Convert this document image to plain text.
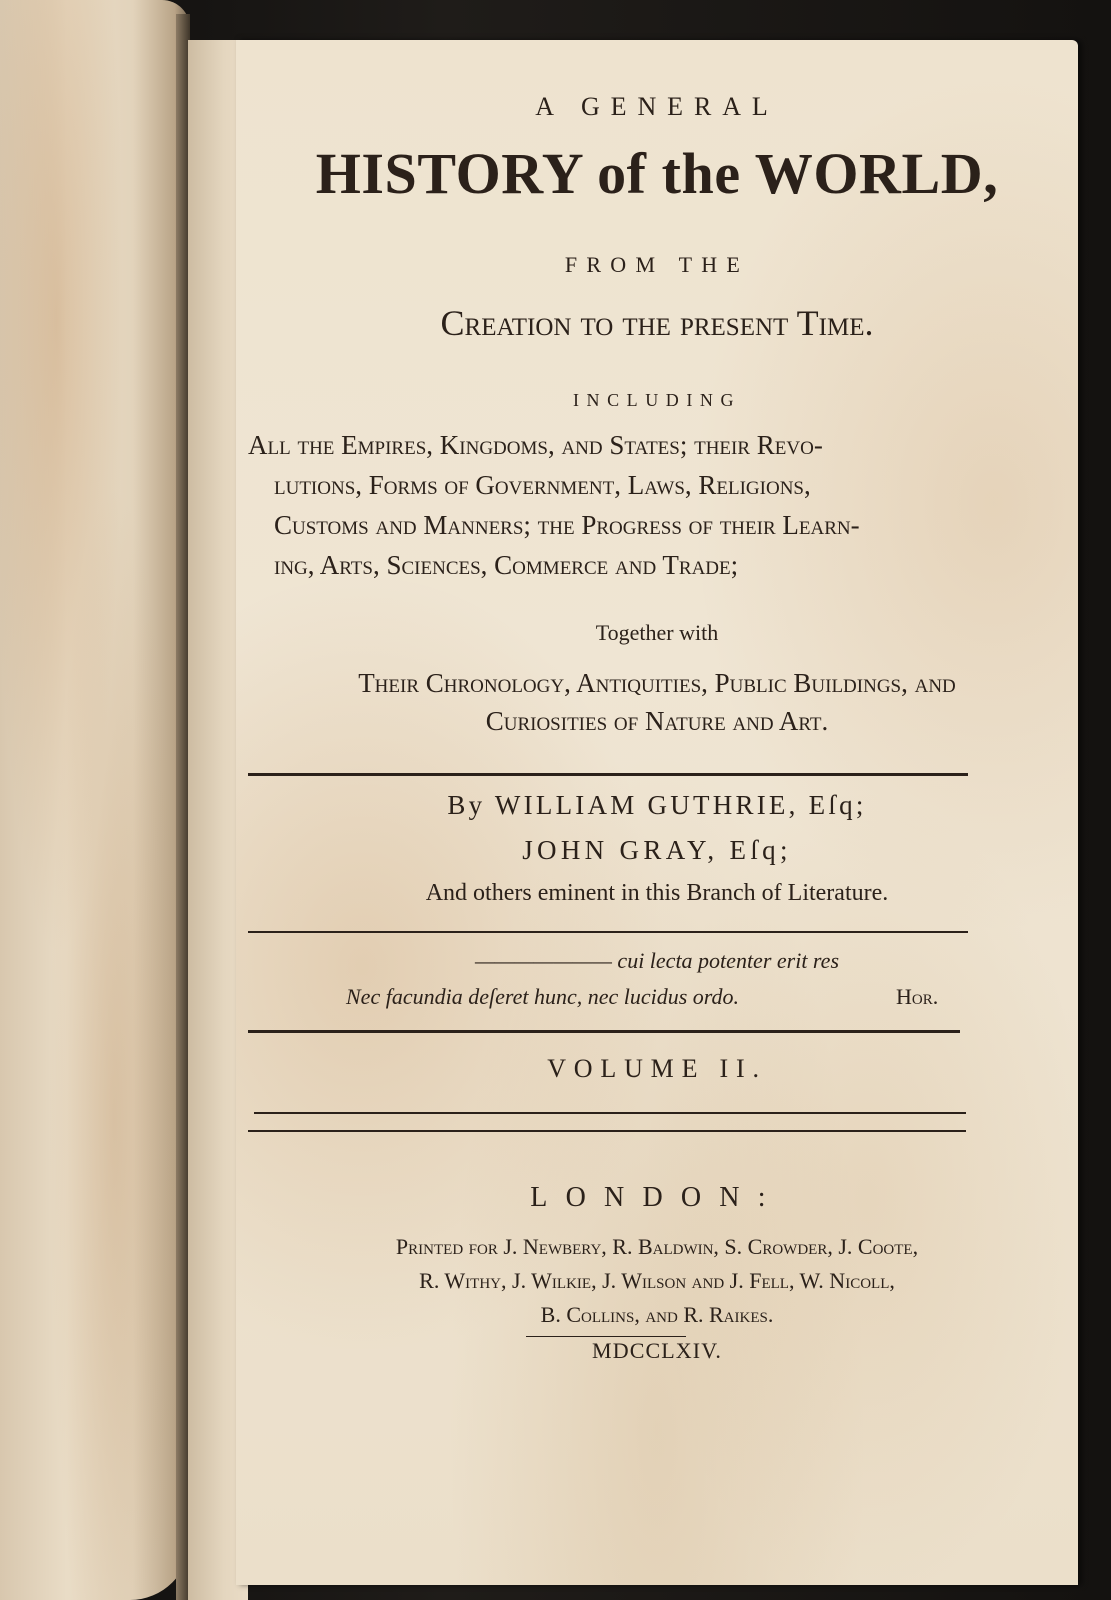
A GENERAL
HISTORY of the WORLD,
FROM THE
Creation to the preſent Time.
INCLUDING
All the Empires, Kingdoms, and States; their Revo-
lutions, Forms of Government, Laws, Religions,
Customs and Manners; the Progress of their Learn-
ing, Arts, Sciences, Commerce and Trade;
Together with
Their Chronology, Antiquities, Public Buildings, and
Curiosities of Nature and Art.
By WILLIAM GUTHRIE, Eſq;
JOHN GRAY, Eſq;
And others eminent in this Branch of Literature.
——————— cui lecta potenter erit res
Nec facundia deſeret hunc, nec lucidus ordo.	Hor.
VOLUME II.
LONDON:
Printed for J. Newbery, R. Baldwin, S. Crowder, J. Coote,
R. Withy, J. Wilkie, J. Wilson and J. Fell, W. Nicoll,
B. Collins, and R. Raikes.
MDCCLXIV.
